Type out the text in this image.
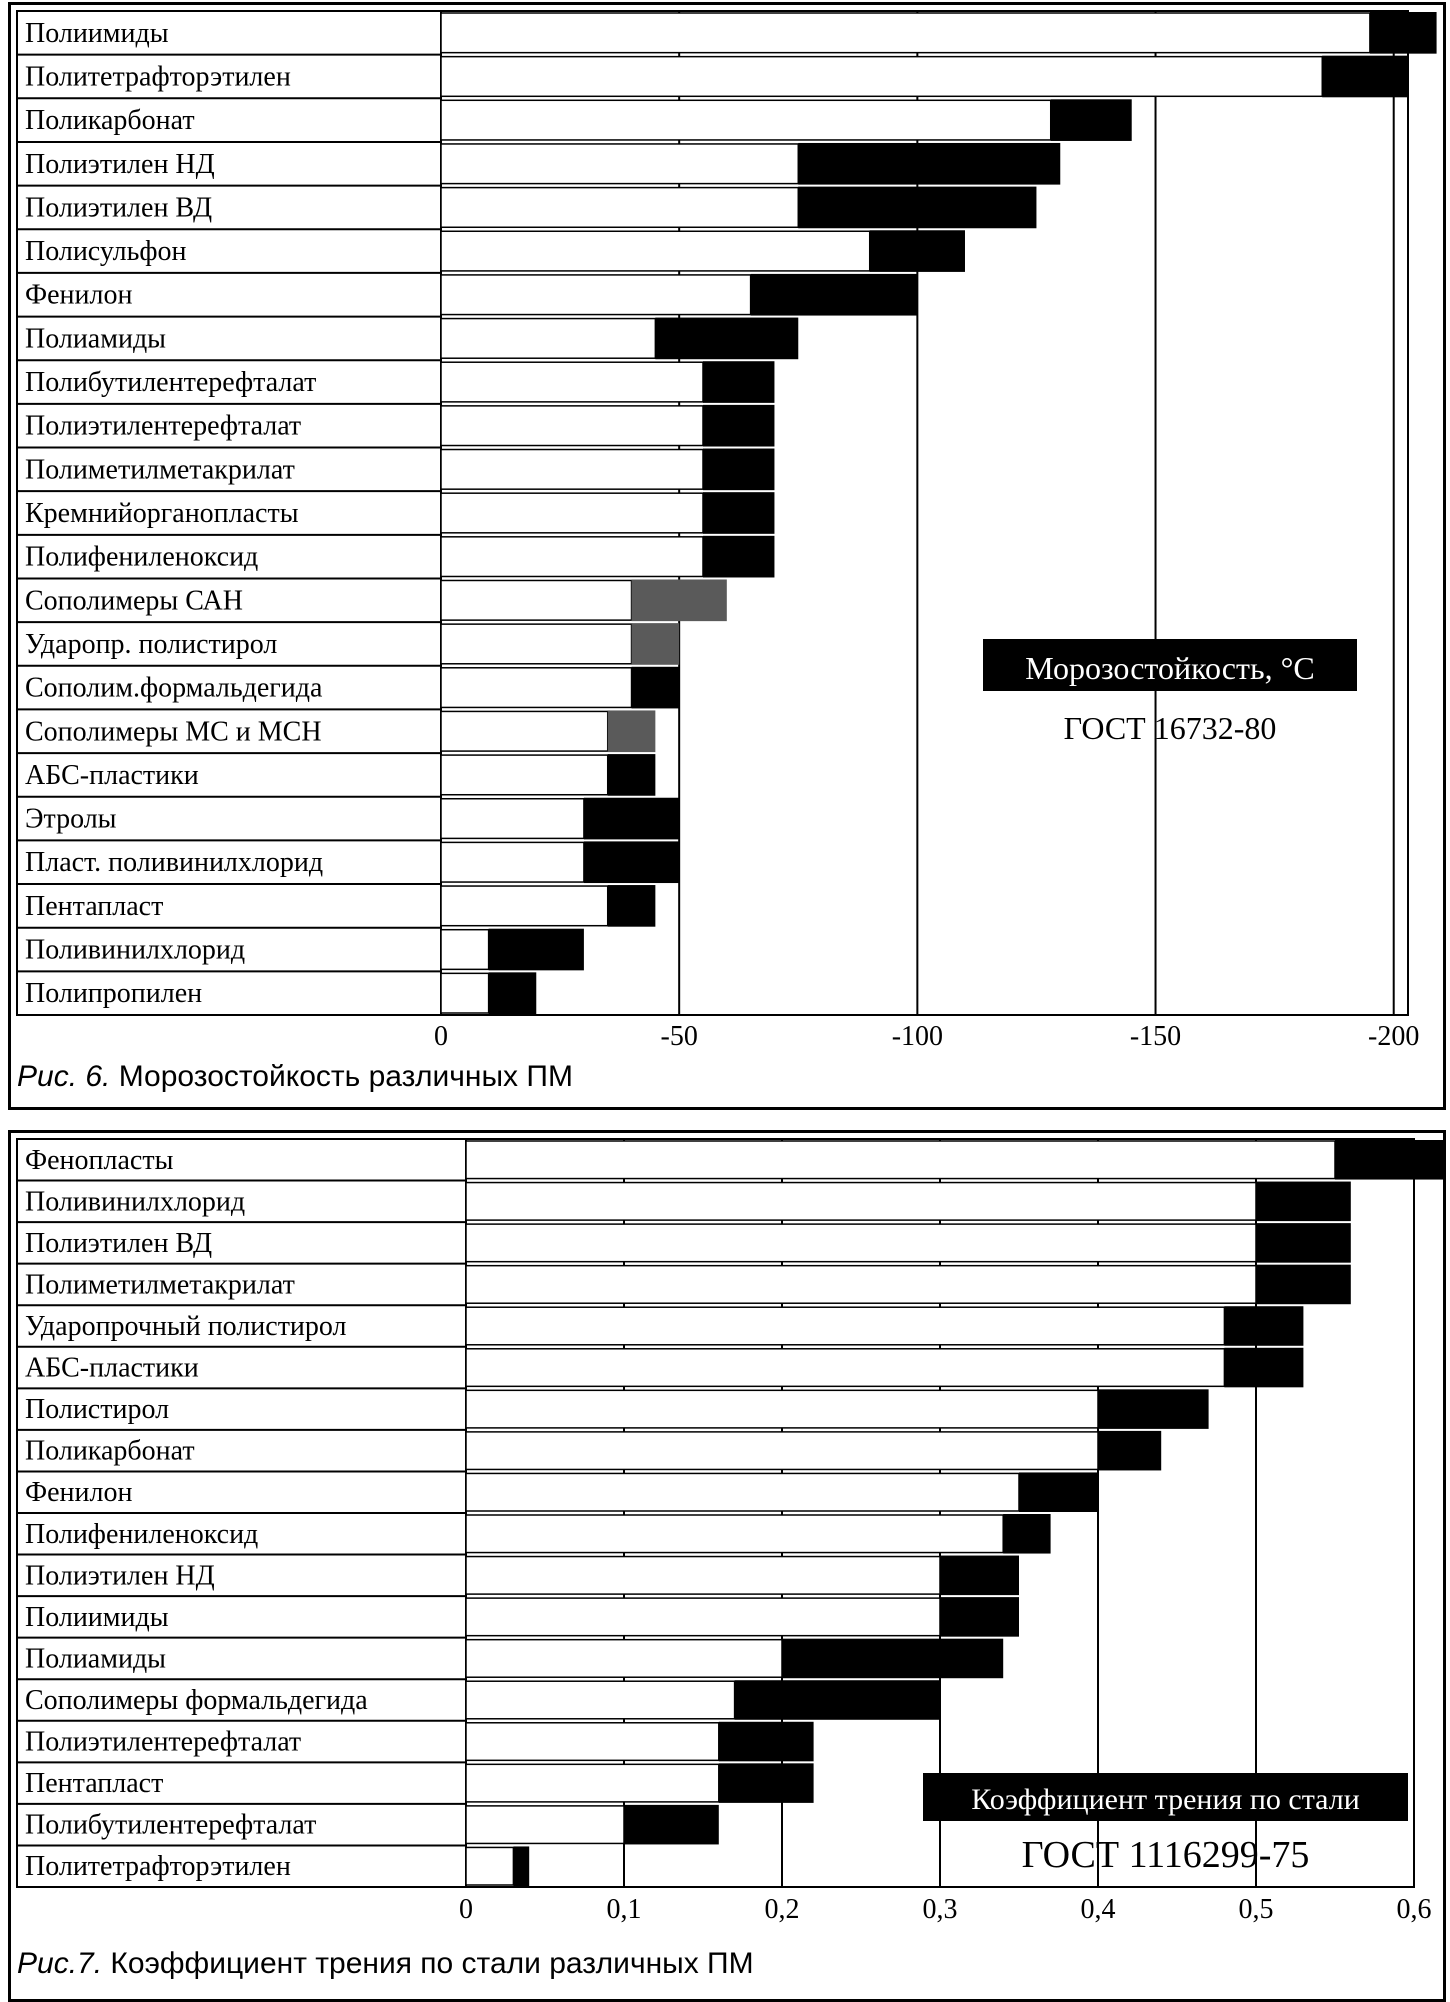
Полиимиды
Политетрафторэтилен
Поликарбонат
Полиэтилен НД
Полиэтилен ВД
Полисульфон
Фенилон
Полиамиды
Полибутилентерефталат
Полиэтилентерефталат
Полиметилметакрилат
Кремнийорганопласты
Полифениленоксид
Сополимеры САН
Ударопр. полистирол
Сополим.формальдегида
Сополимеры МС и МСН
АБС-пластики
Этролы
Пласт. поливинилхлорид
Пентапласт
Поливинилхлорид
Полипропилен
0	-50	-100	-150	-200
Морозостойкость, °С
ГОСТ 16732-80
Рис. 6. Морозостойкость различных ПМ
Фенопласты
Поливинилхлорид
Полиэтилен ВД
Полиметилметакрилат
Ударопрочный полистирол
АБС-пластики
Полистирол
Поликарбонат
Фенилон
Полифениленоксид
Полиэтилен НД
Полиимиды
Полиамиды
Сополимеры формальдегида
Полиэтилентерефталат
Пентапласт
Полибутилентерефталат
Политетрафторэтилен
0	0,1	0,2	0,3	0,4	0,5	0,6
Коэффициент трения по стали
ГОСТ 1116299-75
Рис.7. Коэффициент трения по стали различных ПМ
